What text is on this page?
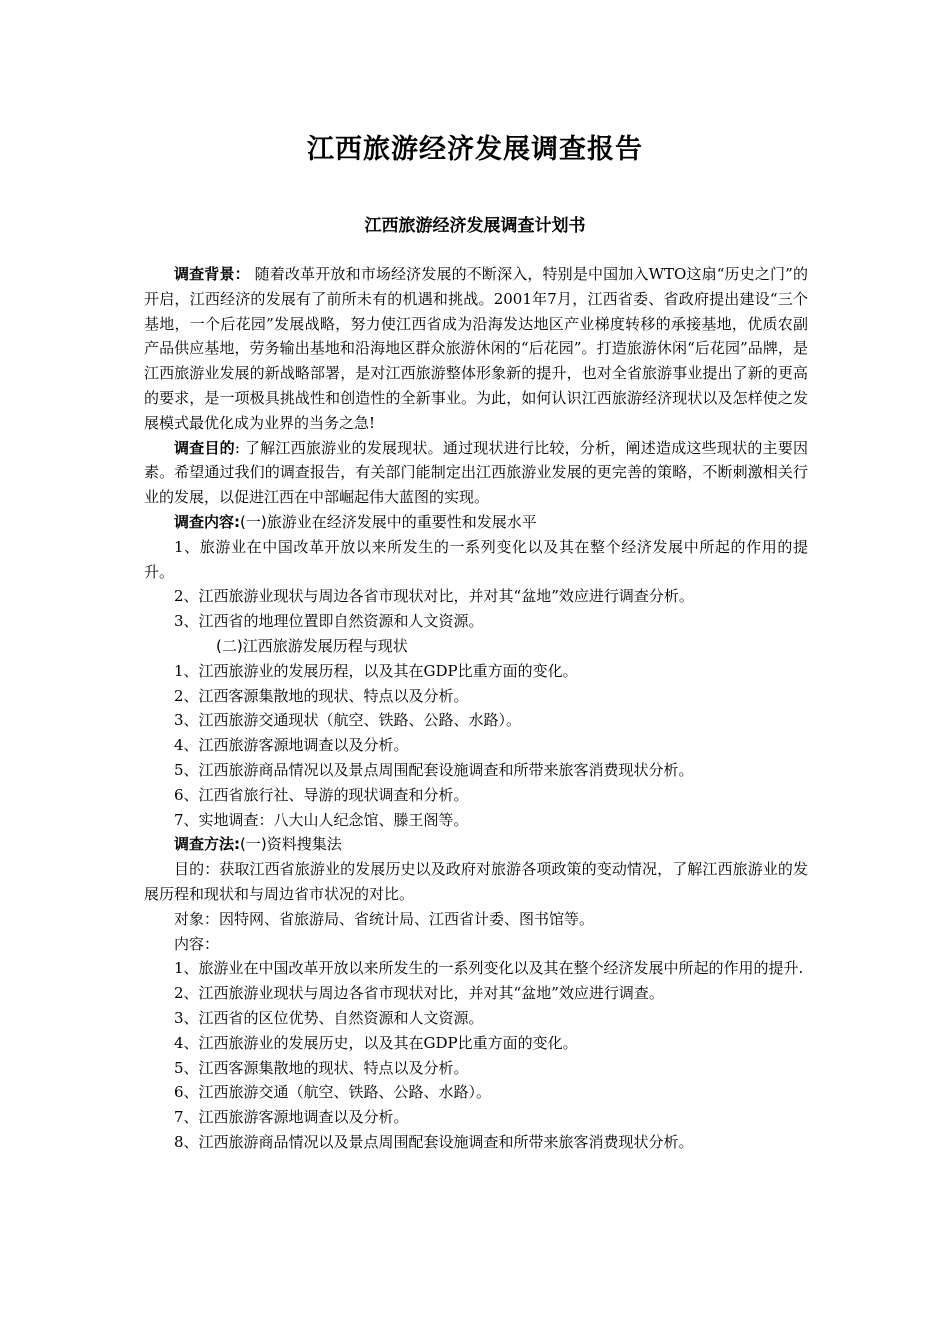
江西旅游经济发展调查报告
江西旅游经济发展调查计划书

调查背景： 随着改革开放和市场经济发展的不断深入，特别是中国加入WTO这扇“历史之门”的开启，江西经济的发展有了前所未有的机遇和挑战。2001年7月，江西省委、省政府提出建设“三个基地，一个后花园”发展战略，努力使江西省成为沿海发达地区产业梯度转移的承接基地，优质农副产品供应基地，劳务输出基地和沿海地区群众旅游休闲的“后花园”。打造旅游休闲“后花园”品牌，是江西旅游业发展的新战略部署，是对江西旅游整体形象新的提升，也对全省旅游事业提出了新的更高的要求，是一项极具挑战性和创造性的全新事业。为此，如何认识江西旅游经济现状以及怎样使之发展模式最优化成为业界的当务之急!

调查目的: 了解江西旅游业的发展现状。通过现状进行比较，分析，阐述造成这些现状的主要因素。希望通过我们的调查报告，有关部门能制定出江西旅游业发展的更完善的策略，不断刺激相关行业的发展，以促进江西在中部崛起伟大蓝图的实现。

调查内容:(一)旅游业在经济发展中的重要性和发展水平

1、旅游业在中国改革开放以来所发生的一系列变化以及其在整个经济发展中所起的作用的提升。

2、江西旅游业现状与周边各省市现状对比，并对其“盆地”效应进行调查分析。

3、江西省的地理位置即自然资源和人文资源。

(二)江西旅游发展历程与现状

1、江西旅游业的发展历程，以及其在GDP比重方面的变化。

2、江西客源集散地的现状、特点以及分析。

3、江西旅游交通现状（航空、铁路、公路、水路）。

4、江西旅游客源地调查以及分析。

5、江西旅游商品情况以及景点周围配套设施调查和所带来旅客消费现状分析。

6、江西省旅行社、导游的现状调查和分析。

7、实地调查：八大山人纪念馆、滕王阁等。

调查方法:(一)资料搜集法

目的：获取江西省旅游业的发展历史以及政府对旅游各项政策的变动情况，了解江西旅游业的发展历程和现状和与周边省市状况的对比。

对象：因特网、省旅游局、省统计局、江西省计委、图书馆等。

内容：

1、旅游业在中国改革开放以来所发生的一系列变化以及其在整个经济发展中所起的作用的提升.

2、江西旅游业现状与周边各省市现状对比，并对其“盆地”效应进行调查。

3、江西省的区位优势、自然资源和人文资源。

4、江西旅游业的发展历史，以及其在GDP比重方面的变化。

5、江西客源集散地的现状、特点以及分析。

6、江西旅游交通（航空、铁路、公路、水路）。

7、江西旅游客源地调查以及分析。

8、江西旅游商品情况以及景点周围配套设施调查和所带来旅客消费现状分析。
